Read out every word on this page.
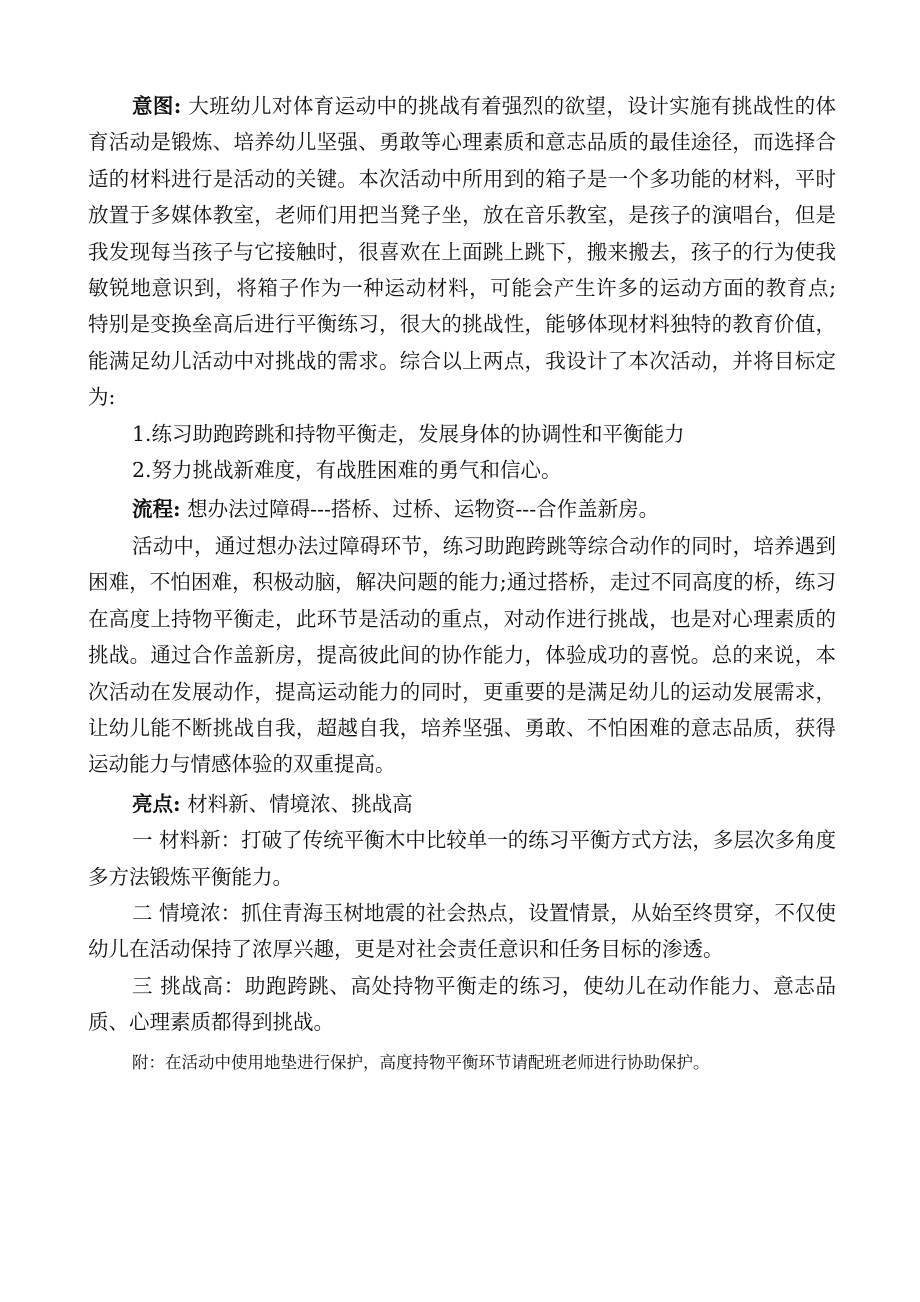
意图: 大班幼儿对体育运动中的挑战有着强烈的欲望，设计实施有挑战性的体育活动是锻炼、培养幼儿坚强、勇敢等心理素质和意志品质的最佳途径，而选择合适的材料进行是活动的关键。本次活动中所用到的箱子是一个多功能的材料，平时放置于多媒体教室，老师们用把当凳子坐，放在音乐教室，是孩子的演唱台，但是我发现每当孩子与它接触时，很喜欢在上面跳上跳下，搬来搬去，孩子的行为使我敏锐地意识到，将箱子作为一种运动材料，可能会产生许多的运动方面的教育点; 特别是变换垒高后进行平衡练习，很大的挑战性，能够体现材料独特的教育价值，能满足幼儿活动中对挑战的需求。综合以上两点，我设计了本次活动，并将目标定为:

1.练习助跑跨跳和持物平衡走，发展身体的协调性和平衡能力

2.努力挑战新难度，有战胜困难的勇气和信心。

流程: 想办法过障碍---搭桥、过桥、运物资---合作盖新房。

活动中，通过想办法过障碍环节，练习助跑跨跳等综合动作的同时，培养遇到困难，不怕困难，积极动脑，解决问题的能力;通过搭桥，走过不同高度的桥，练习在高度上持物平衡走，此环节是活动的重点，对动作进行挑战，也是对心理素质的挑战。通过合作盖新房，提高彼此间的协作能力，体验成功的喜悦。总的来说，本次活动在发展动作，提高运动能力的同时，更重要的是满足幼儿的运动发展需求，让幼儿能不断挑战自我，超越自我，培养坚强、勇敢、不怕困难的意志品质，获得运动能力与情感体验的双重提高。

亮点: 材料新、情境浓、挑战高

一 材料新：打破了传统平衡木中比较单一的练习平衡方式方法，多层次多角度多方法锻炼平衡能力。

二 情境浓：抓住青海玉树地震的社会热点，设置情景，从始至终贯穿，不仅使幼儿在活动保持了浓厚兴趣，更是对社会责任意识和任务目标的渗透。

三 挑战高：助跑跨跳、高处持物平衡走的练习，使幼儿在动作能力、意志品质、心理素质都得到挑战。

附：在活动中使用地垫进行保护，高度持物平衡环节请配班老师进行协助保护。
